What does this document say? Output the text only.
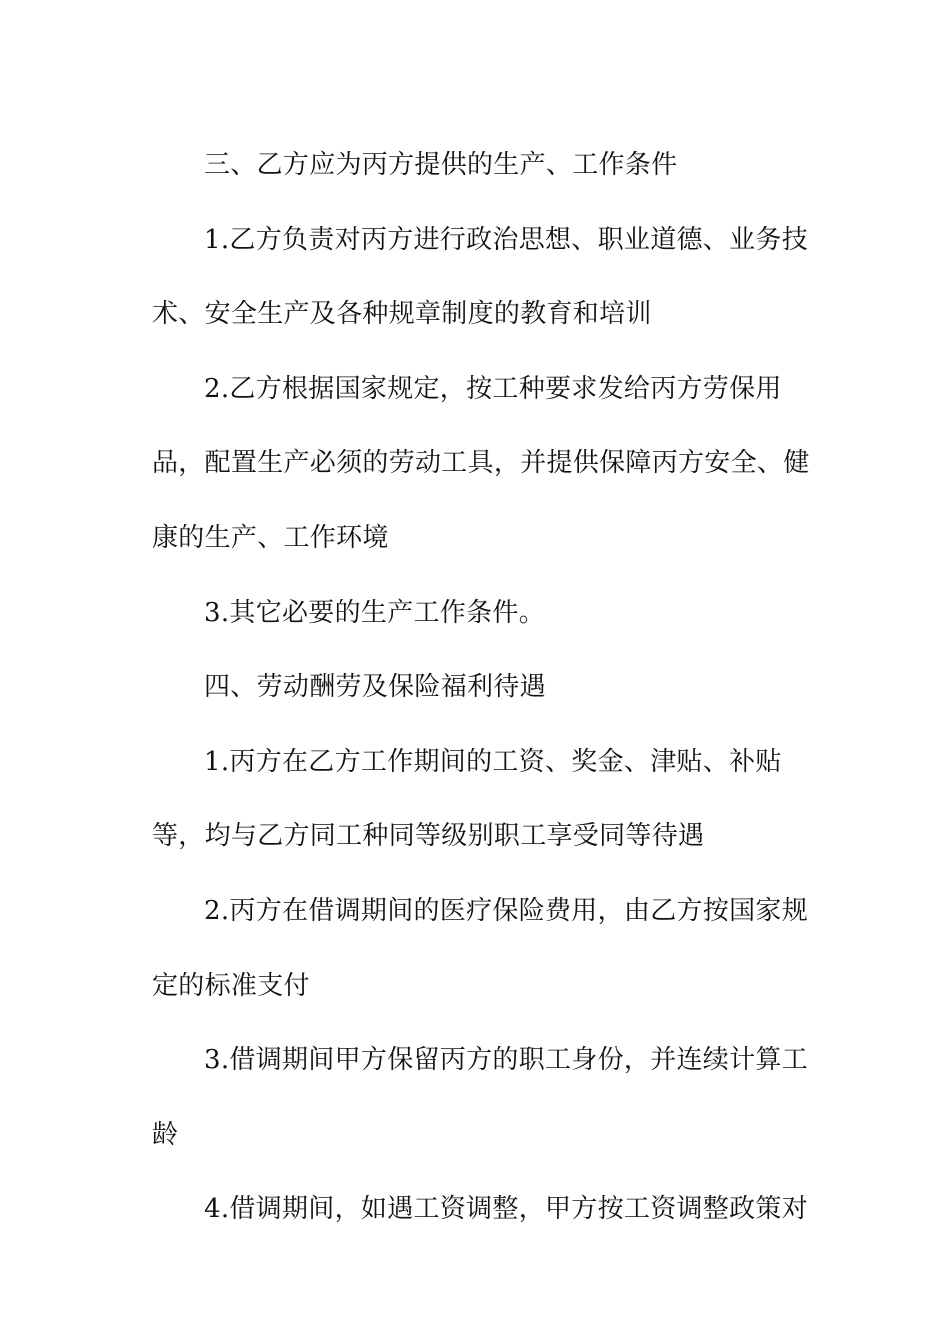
三、乙方应为丙方提供的生产、工作条件
1.乙方负责对丙方进行政治思想、职业道德、业务技
术、安全生产及各种规章制度的教育和培训
2.乙方根据国家规定，按工种要求发给丙方劳保用
品，配置生产必须的劳动工具，并提供保障丙方安全、健
康的生产、工作环境
3.其它必要的生产工作条件。
四、劳动酬劳及保险福利待遇
1.丙方在乙方工作期间的工资、奖金、津贴、补贴
等，均与乙方同工种同等级别职工享受同等待遇
2.丙方在借调期间的医疗保险费用，由乙方按国家规
定的标准支付
3.借调期间甲方保留丙方的职工身份，并连续计算工
龄
4.借调期间，如遇工资调整，甲方按工资调整政策对
